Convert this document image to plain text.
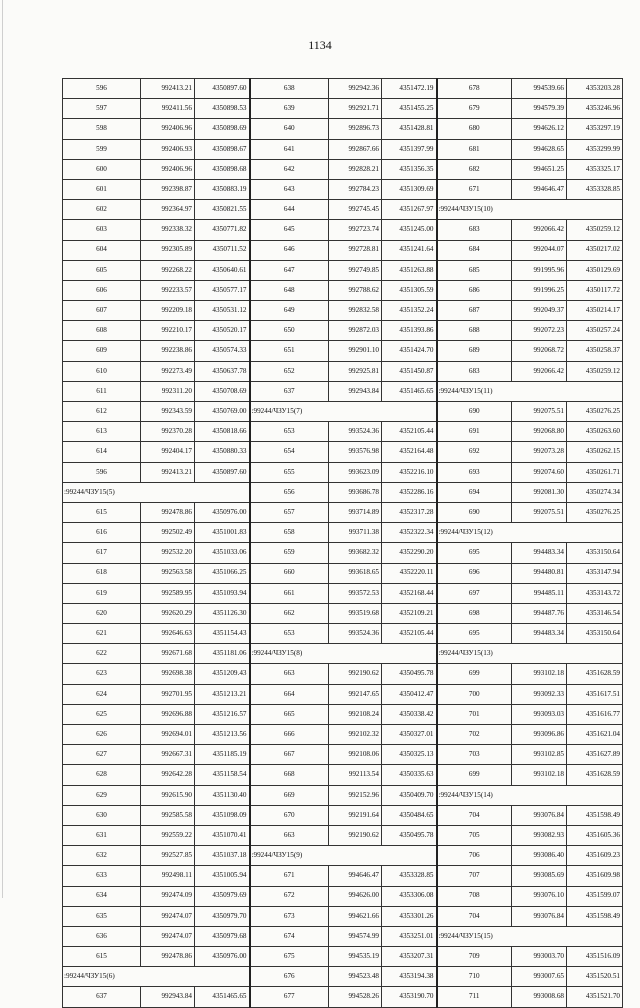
1134
596	992413.21	4350897.60	638	992942.36	4351472.19	678	994539.66	4353203.28
597	992411.56	4350898.53	639	992921.71	4351455.25	679	994579.39	4353246.96
598	992406.96	4350898.69	640	992896.73	4351428.81	680	994626.12	4353297.19
599	992406.93	4350898.67	641	992867.66	4351397.99	681	994628.65	4353299.99
600	992406.96	4350898.68	642	992828.21	4351356.35	682	994651.25	4353325.17
601	992398.87	4350883.19	643	992784.23	4351309.69	671	994646.47	4353328.85
602	992364.97	4350821.55	644	992745.45	4351267.97	:99244/ЧЗУ15(10)		
603	992338.32	4350771.82	645	992723.74	4351245.00	683	992066.42	4350259.12
604	992305.89	4350711.52	646	992728.81	4351241.64	684	992044.07	4350217.02
605	992268.22	4350640.61	647	992749.85	4351263.88	685	991995.96	4350129.69
606	992233.57	4350577.17	648	992788.62	4351305.59	686	991996.25	4350117.72
607	992209.18	4350531.12	649	992832.58	4351352.24	687	992049.37	4350214.17
608	992210.17	4350520.17	650	992872.03	4351393.86	688	992072.23	4350257.24
609	992238.86	4350574.33	651	992901.10	4351424.70	689	992068.72	4350258.37
610	992273.49	4350637.78	652	992925.81	4351450.87	683	992066.42	4350259.12
611	992311.20	4350708.69	637	992943.84	4351465.65	:99244/ЧЗУ15(11)		
612	992343.59	4350769.00	:99244/ЧЗУ15(7)			690	992075.51	4350276.25
613	992370.28	4350818.66	653	993524.36	4352105.44	691	992068.80	4350263.60
614	992404.17	4350880.33	654	993576.98	4352164.48	692	992073.28	4350262.15
596	992413.21	4350897.60	655	993623.09	4352216.10	693	992074.60	4350261.71
:99244/ЧЗУ15(5)			656	993686.78	4352286.16	694	992081.30	4350274.34
615	992478.86	4350976.00	657	993714.89	4352317.28	690	992075.51	4350276.25
616	992502.49	4351001.83	658	993711.38	4352322.34	:99244/ЧЗУ15(12)		
617	992532.20	4351033.06	659	993682.32	4352290.20	695	994483.34	4353150.64
618	992563.58	4351066.25	660	993618.65	4352220.11	696	994480.81	4353147.94
619	992589.95	4351093.94	661	993572.53	4352168.44	697	994485.11	4353143.72
620	992620.29	4351126.30	662	993519.68	4352109.21	698	994487.76	4353146.54
621	992646.63	4351154.43	653	993524.36	4352105.44	695	994483.34	4353150.64
622	992671.68	4351181.06	:99244/ЧЗУ15(8)			:99244/ЧЗУ15(13)		
623	992698.38	4351209.43	663	992190.62	4350495.78	699	993102.18	4351628.59
624	992701.95	4351213.21	664	992147.65	4350412.47	700	993092.33	4351617.51
625	992696.88	4351216.57	665	992108.24	4350338.42	701	993093.03	4351616.77
626	992694.01	4351213.56	666	992102.32	4350327.01	702	993096.86	4351621.04
627	992667.31	4351185.19	667	992108.06	4350325.13	703	993102.85	4351627.89
628	992642.28	4351158.54	668	992113.54	4350335.63	699	993102.18	4351628.59
629	992615.90	4351130.40	669	992152.96	4350409.70	:99244/ЧЗУ15(14)		
630	992585.58	4351098.09	670	992191.64	4350484.65	704	993076.84	4351598.49
631	992559.22	4351070.41	663	992190.62	4350495.78	705	993082.93	4351605.36
632	992527.85	4351037.18	:99244/ЧЗУ15(9)			706	993086.40	4351609.23
633	992498.11	4351005.94	671	994646.47	4353328.85	707	993085.69	4351609.98
634	992474.09	4350979.69	672	994626.00	4353306.08	708	993076.10	4351599.07
635	992474.07	4350979.70	673	994621.66	4353301.26	704	993076.84	4351598.49
636	992474.07	4350979.68	674	994574.99	4353251.01	:99244/ЧЗУ15(15)		
615	992478.86	4350976.00	675	994535.19	4353207.31	709	993003.70	4351516.09
:99244/ЧЗУ15(6)			676	994523.48	4353194.38	710	993007.65	4351520.51
637	992943.84	4351465.65	677	994528.26	4353190.70	711	993008.68	4351521.70
